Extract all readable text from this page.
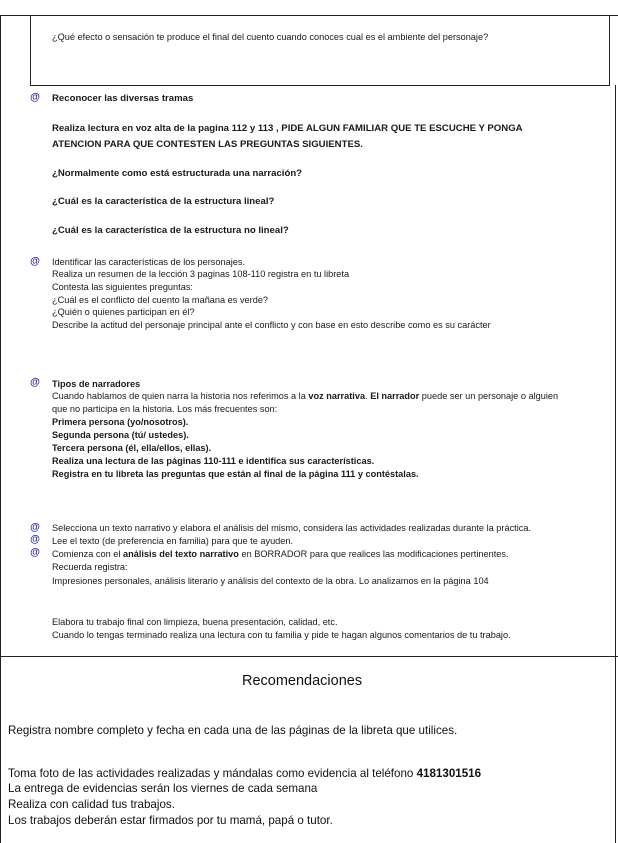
¿Qué efecto o sensación te produce el final del cuento cuando conoces cual es el ambiente del personaje?
@ Reconocer las diversas tramas
Realiza lectura en voz alta de la pagina 112 y 113 , PIDE ALGUN FAMILIAR QUE TE ESCUCHE Y PONGA
ATENCION PARA QUE CONTESTEN LAS PREGUNTAS SIGUIENTES.
¿Normalmente como está estructurada una narración?
¿Cuál es la característica de la estructura lineal?
¿Cuál es la característica de la estructura no lineal?
@ Identificar las características de los personajes.
Realiza un resumen de la lección 3 paginas 108-110 registra en tu libreta
Contesta las siguientes preguntas:
¿Cuál es el conflicto del cuento la mañana es verde?
¿Quién o quienes participan en él?
Describe la actitud del personaje principal ante el conflicto y con base en esto describe como es su carácter
@ Tipos de narradores
Cuando hablamos de quien narra la historia nos referimos a la voz narrativa. El narrador puede ser un personaje o alguien
que no participa en la historia. Los más frecuentes son:
Primera persona (yo/nosotros).
Segunda persona (tú/ ustedes).
Tercera persona (él, ella/ellos, ellas).
Realiza una lectura de las páginas 110-111 e identifica sus características.
Registra en tu libreta las preguntas que están al final de la página 111 y contéstalas.
@
@
@
Selecciona un texto narrativo y elabora el análisis del mismo, considera las actividades realizadas durante la práctica.
Lee el texto (de preferencia en familia) para que te ayuden.
Comienza con el análisis del texto narrativo en BORRADOR para que realices las modificaciones pertinentes.
Recuerda registra:
Impresiones personales, análisis literario y análisis del contexto de la obra. Lo analizamos en la página 104
Elabora tu trabajo final con limpieza, buena presentación, calidad, etc.
Cuando lo tengas terminado realiza una lectura con tu familia y pide te hagan algunos comentarios de tu trabajo.
Recomendaciones
Registra nombre completo y fecha en cada una de las páginas de la libreta que utilices.
Toma foto de las actividades realizadas y mándalas como evidencia al teléfono 4181301516
La entrega de evidencias serán los viernes de cada semana
Realiza con calidad tus trabajos.
Los trabajos deberán estar firmados por tu mamá, papá o tutor.
